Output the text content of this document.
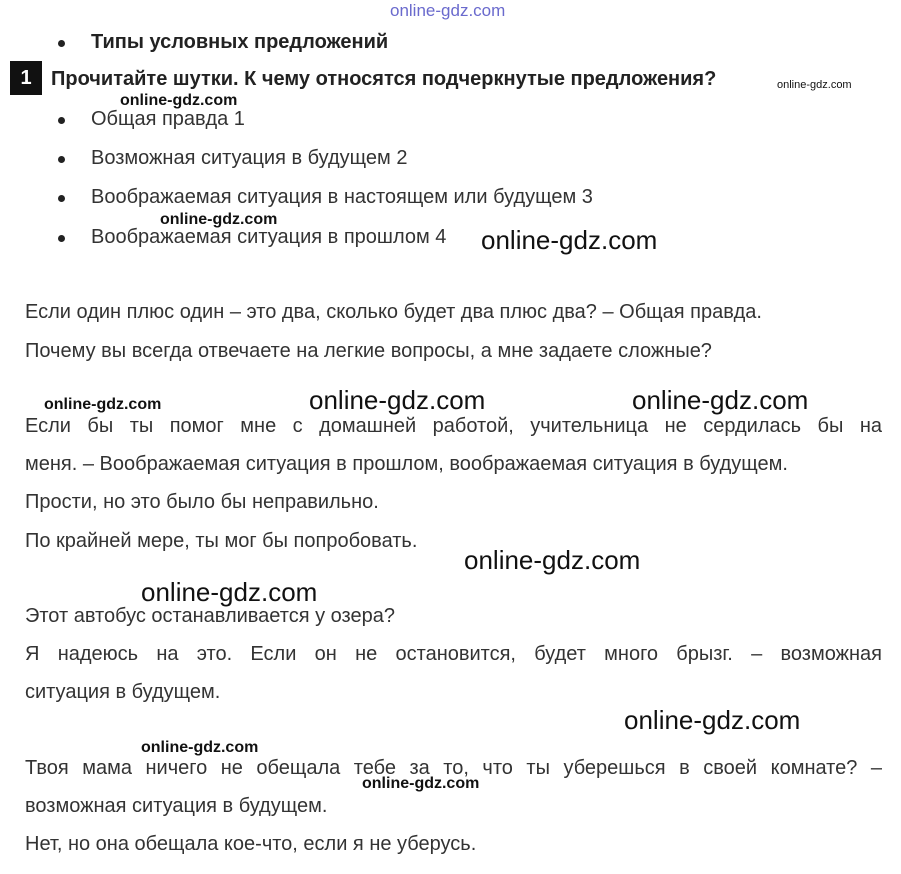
online-gdz.com
Типы условных предложений
1 Прочитайте шутки. К чему относятся подчеркнутые предложения?
Общая правда 1
Возможная ситуация в будущем 2
Воображаемая ситуация в настоящем или будущем 3
Воображаемая ситуация в прошлом 4
Если один плюс один – это два, сколько будет два плюс два? – Общая правда.
Почему вы всегда отвечаете на легкие вопросы, а мне задаете сложные?
Если бы ты помог мне с домашней работой, учительница не сердилась бы на
меня. – Воображаемая ситуация в прошлом, воображаемая ситуация в будущем.
Прости, но это было бы неправильно.
По крайней мере, ты мог бы попробовать.
Этот автобус останавливается у озера?
Я надеюсь на это. Если он не остановится, будет много брызг. – возможная
ситуация в будущем.
Твоя мама ничего не обещала тебе за то, что ты уберешься в своей комнате? –
возможная ситуация в будущем.
Нет, но она обещала кое-что, если я не уберусь.
online-gdz.com
online-gdz.com
online-gdz.com
online-gdz.com
online-gdz.com	online-gdz.com	online-gdz.com
online-gdz.com
online-gdz.com
online-gdz.com
online-gdz.com
online-gdz.com
